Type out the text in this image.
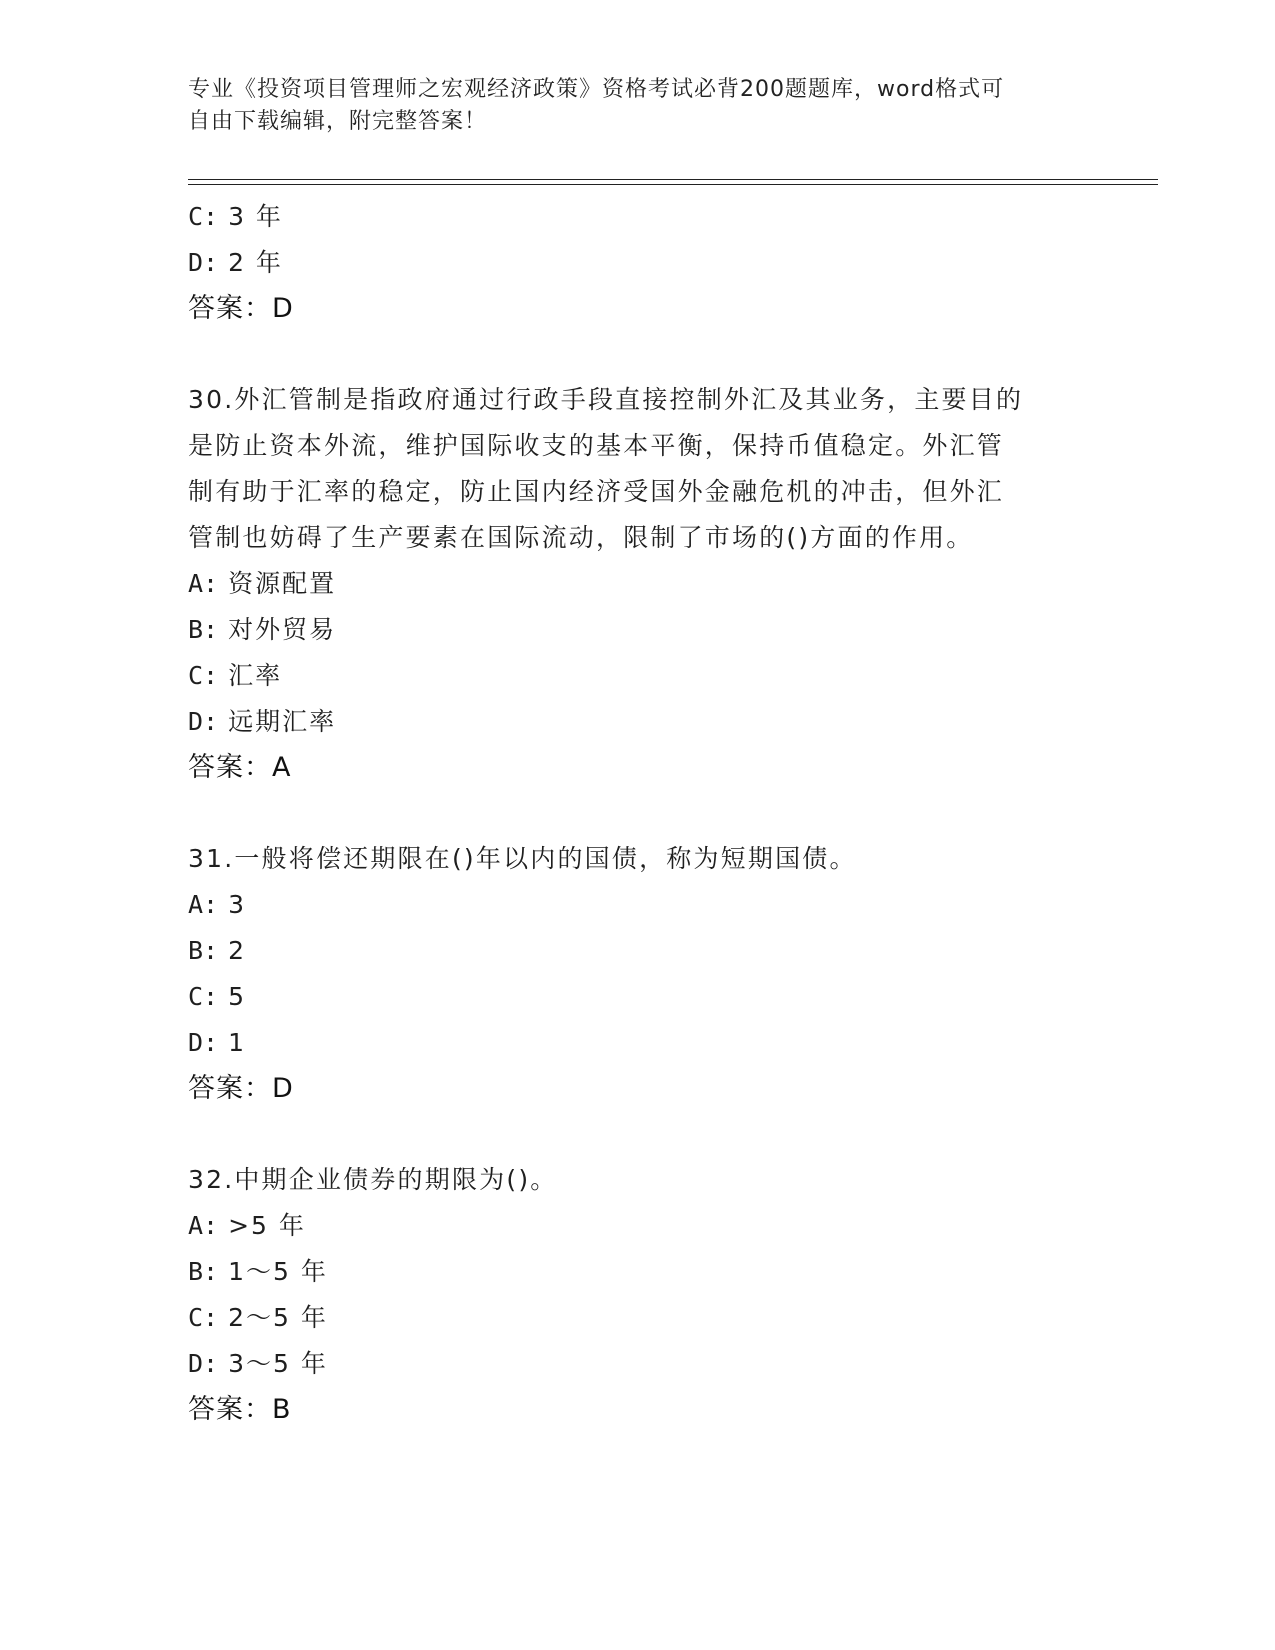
专业《投资项目管理师之宏观经济政策》资格考试必背200题题库，word格式可
自由下载编辑，附完整答案！
C: 3 年
D: 2 年
答案：D
30.外汇管制是指政府通过行政手段直接控制外汇及其业务，主要目的
是防止资本外流，维护国际收支的基本平衡，保持币值稳定。外汇管
制有助于汇率的稳定，防止国内经济受国外金融危机的冲击，但外汇
管制也妨碍了生产要素在国际流动，限制了市场的()方面的作用。
A: 资源配置
B: 对外贸易
C: 汇率
D: 远期汇率
答案：A
31.一般将偿还期限在()年以内的国债，称为短期国债。
A: 3
B: 2
C: 5
D: 1
答案：D
32.中期企业债券的期限为()。
A: >5 年
B: 1～5 年
C: 2～5 年
D: 3～5 年
答案：B
